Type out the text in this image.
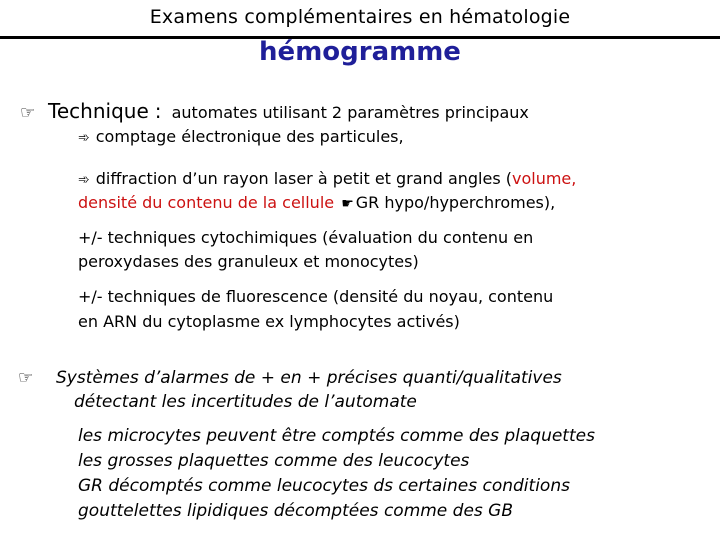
Examens complémentaires en hématologie
hémogramme
☞ Technique : automates utilisant 2 paramètres principaux
➾ comptage électronique des particules,
➾ diffraction d’un rayon laser à petit et grand angles (volume,
densité du contenu de la cellule ☛ GR hypo/hyperchromes),
+/- techniques cytochimiques (évaluation du contenu en
peroxydases des granuleux et monocytes)
+/- techniques de fluorescence (densité du noyau, contenu
en ARN du cytoplasme ex lymphocytes activés)
☞ Systèmes d’alarmes de + en + précises quanti/qualitatives
détectant les incertitudes de l’automate
les microcytes peuvent être comptés comme des plaquettes
les grosses plaquettes comme des leucocytes
GR décomptés comme leucocytes ds certaines conditions
gouttelettes lipidiques décomptées comme des GB
